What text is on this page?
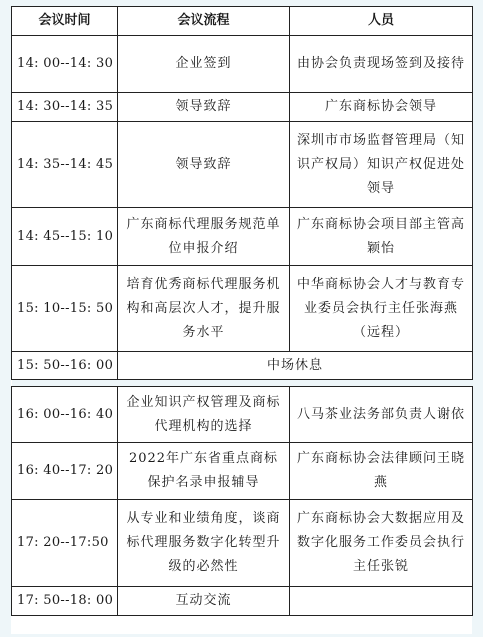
会议时间	会议流程	人员
14: 00--14: 30	企业签到	由协会负责现场签到及接待
14: 30--14: 35	领导致辞	广东商标协会领导
14: 35--14: 45	领导致辞	深圳市市场监督管理局（知识产权局）知识产权促进处领导
14: 45--15: 10	广东商标代理服务规范单位申报介绍	广东商标协会项目部主管高颖怡
15: 10--15: 50	培育优秀商标代理服务机构和高层次人才，提升服务水平	中华商标协会人才与教育专业委员会执行主任张海燕（远程）
15: 50--16: 00	中场休息	

16: 00--16: 40	企业知识产权管理及商标代理机构的选择	八马茶业法务部负责人谢依
16: 40--17: 20	2022年广东省重点商标保护名录申报辅导	广东商标协会法律顾问王晓燕
17: 20--17:50	从专业和业绩角度，谈商标代理服务数字化转型升级的必然性	广东商标协会大数据应用及数字化服务工作委员会执行主任张锐
17: 50--18: 00	互动交流	
